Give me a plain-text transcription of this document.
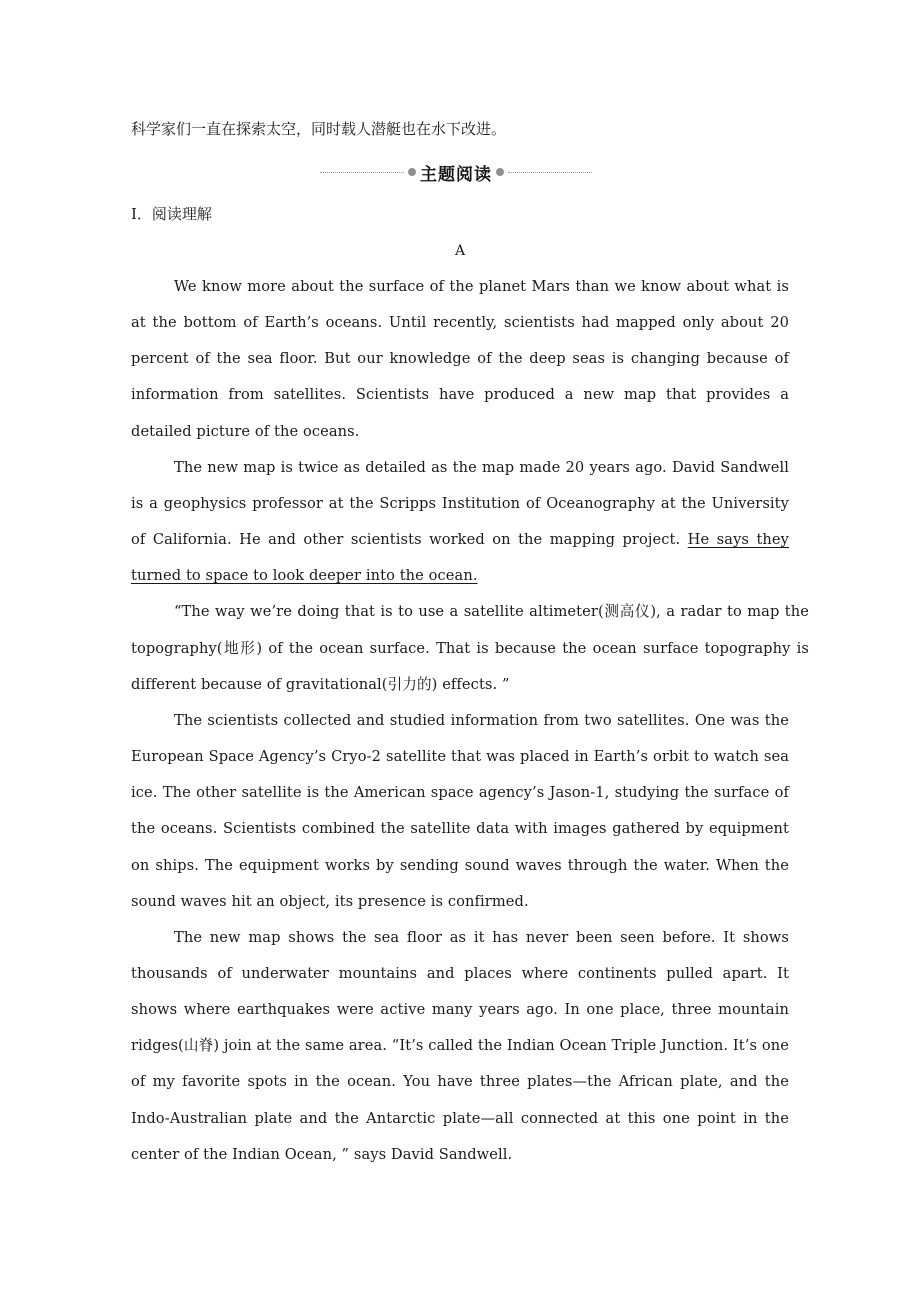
科学家们一直在探索太空，同时载人潜艇也在水下改进。

主题阅读

Ⅰ．阅读理解

A

We know more about the surface of the planet Mars than we know about what is at the bottom of Earth’s oceans. Until recently, scientists had mapped only about 20 percent of the sea floor. But our knowledge of the deep seas is changing because of information from satellites. Scientists have produced a new map that provides a detailed picture of the oceans.

The new map is twice as detailed as the map made 20 years ago. David Sandwell is a geophysics professor at the Scripps Institution of Oceanography at the University of California. He and other scientists worked on the mapping project. He says they turned to space to look deeper into the ocean.

“The way we’re doing that is to use a satellite altimeter(测高仪), a radar to map the topography(地形) of the ocean surface. That is because the ocean surface topography is different because of gravitational(引力的) effects. ”

The scientists collected and studied information from two satellites. One was the European Space Agency’s Cryo-2 satellite that was placed in Earth’s orbit to watch sea ice. The other satellite is the American space agency’s Jason-1, studying the surface of the oceans. Scientists combined the satellite data with images gathered by equipment on ships. The equipment works by sending sound waves through the water. When the sound waves hit an object, its presence is confirmed.

The new map shows the sea floor as it has never been seen before. It shows thousands of underwater mountains and places where continents pulled apart. It shows where earthquakes were active many years ago. In one place, three mountain ridges(山脊) join at the same area. “It’s called the Indian Ocean Triple Junction. It’s one of my favorite spots in the ocean. You have three plates—the African plate, and the Indo-Australian plate and the Antarctic plate—all connected at this one point in the center of the Indian Ocean, ” says David Sandwell.
